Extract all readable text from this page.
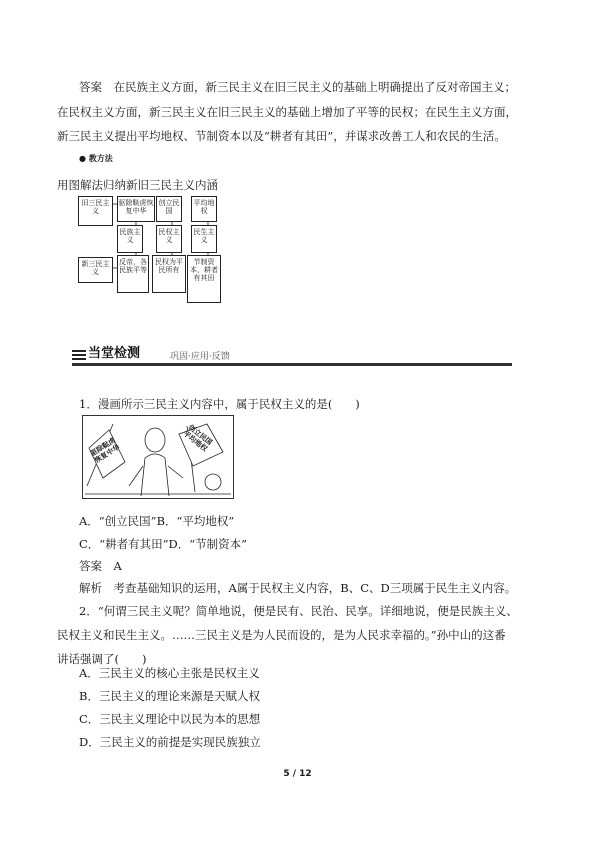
答案　在民族主义方面，新三民主义在旧三民主义的基础上明确提出了反对帝国主义；
在民权主义方面，新三民主义在旧三民主义的基础上增加了平等的民权；在民生主义方面，
新三民主义提出平均地权、节制资本以及“耕者有其田”，并谋求改善工人和农民的生活。
● 教方法
用图解法归纳新旧三民主义内涵
旧三民主义
驱除鞑虏恢复中华
创立民国
平均地权
民族主义
民权主义
民生主义
新三民主义
反帝，各民族平等
民权为平民所有
节制资本，耕者有其田
当堂检测	巩固·应用·反馈
1．漫画所示三民主义内容中，属于民权主义的是(　　)
驱除鞑虏恢复中华
创立民国平均地权
A．“创立民国”B．“平均地权”
C．“耕者有其田”D．“节制资本”
答案　A
解析　考查基础知识的运用，A属于民权主义内容，B、C、D三项属于民生主义内容。
2．“何谓三民主义呢？简单地说，便是民有、民治、民享。详细地说，便是民族主义、
民权主义和民生主义。……三民主义是为人民而设的，是为人民求幸福的。”孙中山的这番
讲话强调了(　　)
A．三民主义的核心主张是民权主义
B．三民主义的理论来源是天赋人权
C．三民主义理论中以民为本的思想
D．三民主义的前提是实现民族独立
5 / 12
